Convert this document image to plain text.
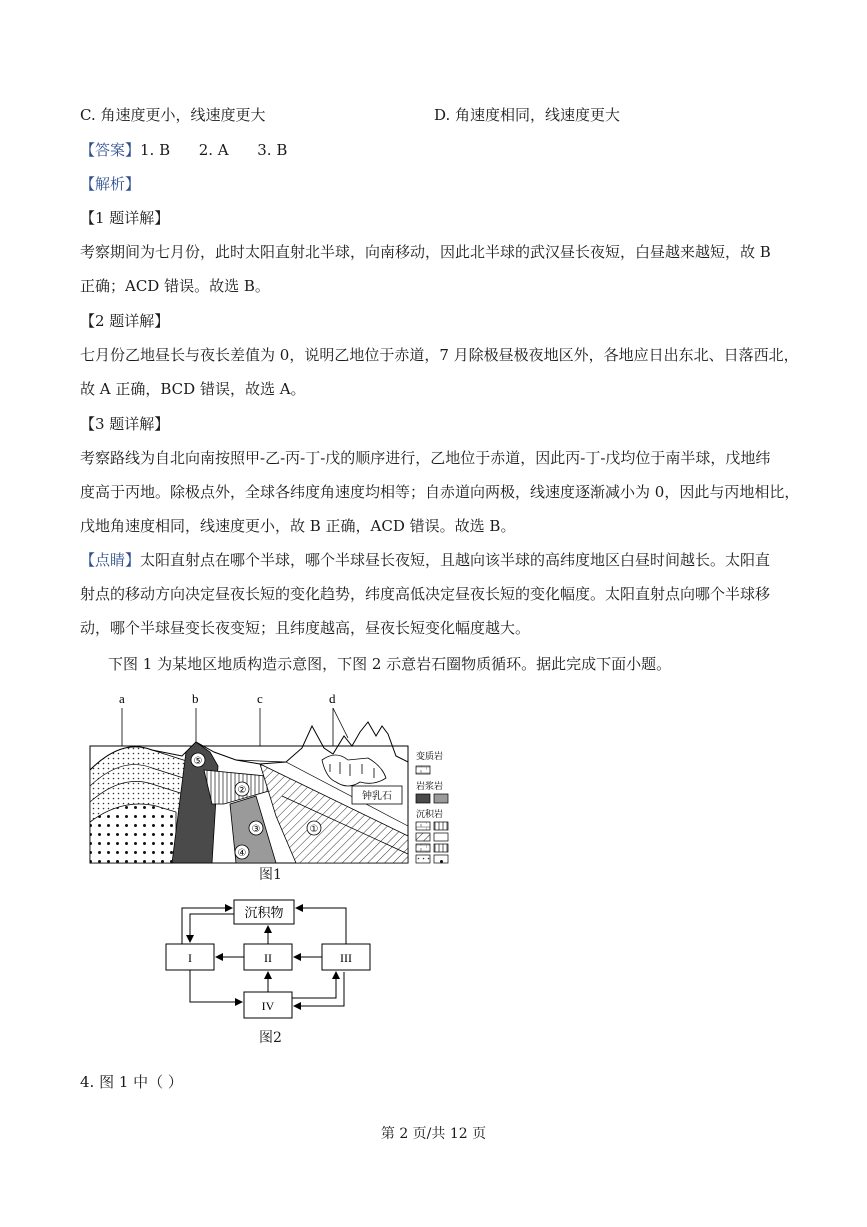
C. 角速度更小，线速度更大	D. 角速度相同，线速度更大
【答案】1. B      2. A      3. B
【解析】
【1 题详解】
考察期间为七月份，此时太阳直射北半球，向南移动，因此北半球的武汉昼长夜短，白昼越来越短，故 B
正确；ACD 错误。故选 B。
【2 题详解】
七月份乙地昼长与夜长差值为 0，说明乙地位于赤道，7 月除极昼极夜地区外，各地应日出东北、日落西北，
故 A 正确，BCD 错误，故选 A。
【3 题详解】
考察路线为自北向南按照甲-乙-丙-丁-戊的顺序进行，乙地位于赤道，因此丙-丁-戊均位于南半球，戊地纬
度高于丙地。除极点外，全球各纬度角速度均相等；自赤道向两极，线速度逐渐减小为 0，因此与丙地相比，
戊地角速度相同，线速度更小，故 B 正确，ACD 错误。故选 B。
【点睛】太阳直射点在哪个半球，哪个半球昼长夜短，且越向该半球的高纬度地区白昼时间越长。太阳直
射点的移动方向决定昼夜长短的变化趋势，纬度高低决定昼夜长短的变化幅度。太阳直射点向哪个半球移
动，哪个半球昼变长夜变短；且纬度越高，昼夜长短变化幅度越大。
下图 1 为某地区地质构造示意图，下图 2 示意岩石圈物质循环。据此完成下面小题。
a	b	c	d
⑤
②
①
③
④
钟乳石
变质岩
岩浆岩
沉积岩
图1
沉积物
I	II	III
IV
图2
4. 图 1 中（ ）
第 2 页/共 12 页
